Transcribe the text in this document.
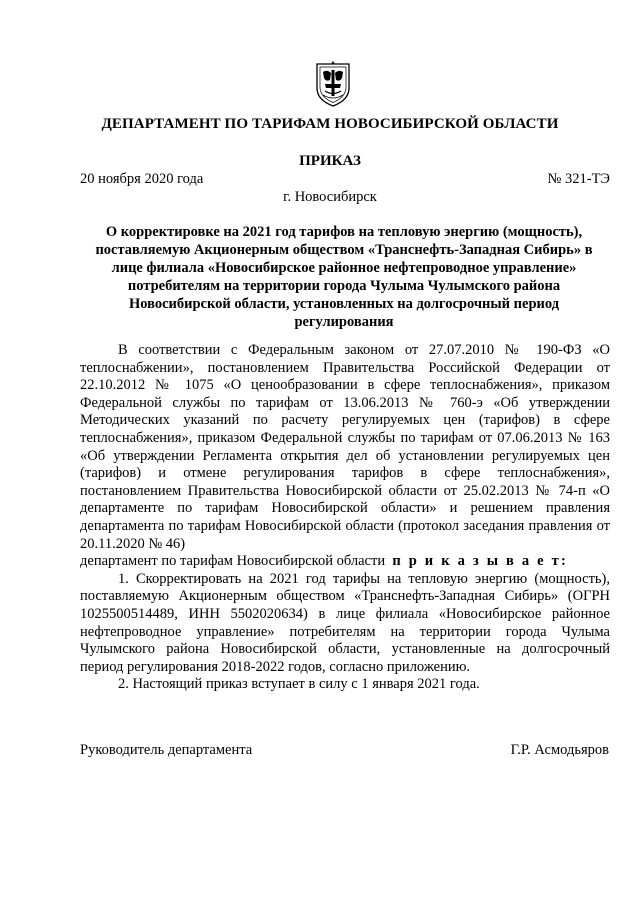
ДЕПАРТАМЕНТ ПО ТАРИФАМ НОВОСИБИРСКОЙ ОБЛАСТИ
ПРИКАЗ
20 ноября 2020 года	№ 321-ТЭ
г. Новосибирск
О корректировке на 2021 год тарифов на тепловую энергию (мощность),
поставляемую Акционерным обществом «Транснефть-Западная Сибирь» в
лице филиала «Новосибирское районное нефтепроводное управление»
потребителям на территории города Чулыма Чулымского района
Новосибирской области, установленных на долгосрочный период
регулирования

В соответствии с Федеральным законом от 27.07.2010 № 190-ФЗ «О теплоснабжении», постановлением Правительства Российской Федерации от 22.10.2012 № 1075 «О ценообразовании в сфере теплоснабжения», приказом Федеральной службы по тарифам от 13.06.2013 № 760-э «Об утверждении Методических указаний по расчету регулируемых цен (тарифов) в сфере теплоснабжения», приказом Федеральной службы по тарифам от 07.06.2013 № 163 «Об утверждении Регламента открытия дел об установлении регулируемых цен (тарифов) и отмене регулирования тарифов в сфере теплоснабжения», постановлением Правительства Новосибирской области от 25.02.2013 № 74-п «О департаменте по тарифам Новосибирской области» и решением правления департамента по тарифам Новосибирской области (протокол заседания правления от 20.11.2020 № 46)

департамент по тарифам Новосибирской области п р и к а з ы в а е т:

1. Скорректировать на 2021 год тарифы на тепловую энергию (мощность), поставляемую Акционерным обществом «Транснефть-Западная Сибирь» (ОГРН 1025500514489, ИНН 5502020634) в лице филиала «Новосибирское районное нефтепроводное управление» потребителям на территории города Чулыма Чулымского района Новосибирской области, установленные на долгосрочный период регулирования 2018-2022 годов, согласно приложению.

2. Настоящий приказ вступает в силу с 1 января 2021 года.

Руководитель департамента	Г.Р. Асмодьяров
